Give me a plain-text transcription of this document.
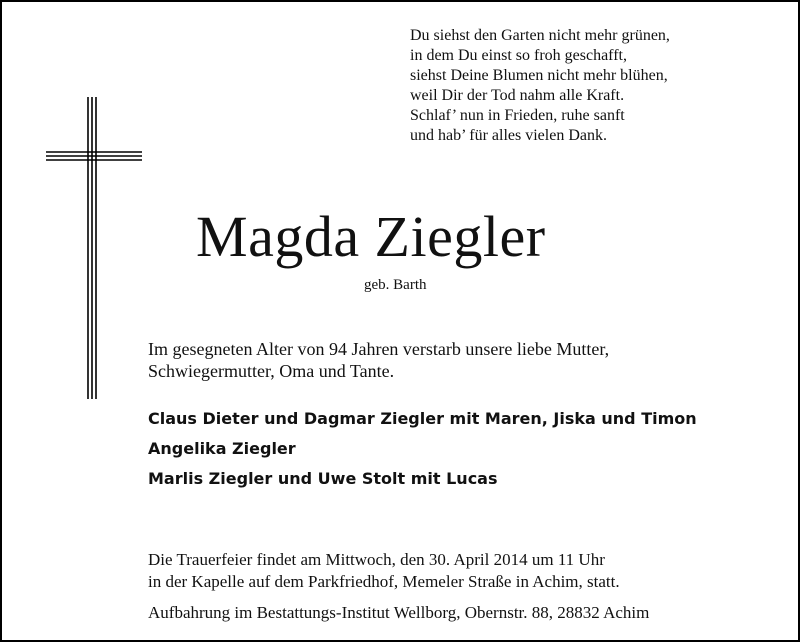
Du siehst den Garten nicht mehr grünen,
in dem Du einst so froh geschafft,
siehst Deine Blumen nicht mehr blühen,
weil Dir der Tod nahm alle Kraft.
Schlaf’ nun in Frieden, ruhe sanft
und hab’ für alles vielen Dank.
Magda Ziegler
geb. Barth
Im gesegneten Alter von 94 Jahren verstarb unsere liebe Mutter,
Schwiegermutter, Oma und Tante.
Claus Dieter und Dagmar Ziegler mit Maren, Jiska und Timon
Angelika Ziegler
Marlis Ziegler und Uwe Stolt mit Lucas
Die Trauerfeier findet am Mittwoch, den 30. April 2014 um 11 Uhr
in der Kapelle auf dem Parkfriedhof, Memeler Straße in Achim, statt.
Aufbahrung im Bestattungs-Institut Wellborg, Obernstr. 88, 28832 Achim
